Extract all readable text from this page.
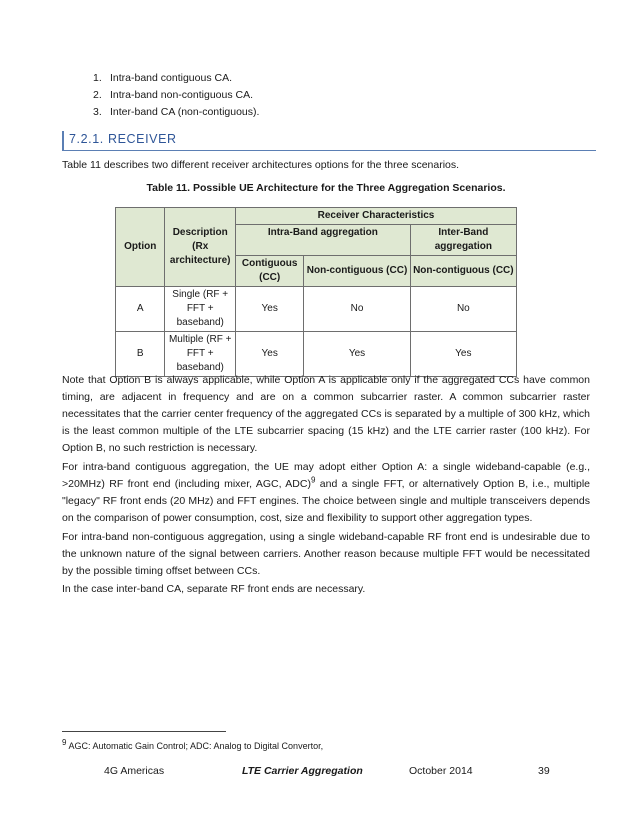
1. Intra-band contiguous CA.
2. Intra-band non-contiguous CA.
3. Inter-band CA (non-contiguous).
7.2.1. RECEIVER
Table 11 describes two different receiver architectures options for the three scenarios.
Table 11. Possible UE Architecture for the Three Aggregation Scenarios.
Option	Description (Rx architecture)	Receiver Characteristics		
		Intra-Band aggregation		Inter-Band aggregation
		Contiguous (CC)	Non-contiguous (CC)	Non-contiguous (CC)
A	Single (RF + FFT + baseband)	Yes	No	No
B	Multiple (RF + FFT + baseband)	Yes	Yes	Yes
Note that Option B is always applicable, while Option A is applicable only if the aggregated CCs have common timing, are adjacent in frequency and are on a common subcarrier raster. A common subcarrier raster necessitates that the carrier center frequency of the aggregated CCs is separated by a multiple of 300 kHz, which is the least common multiple of the LTE subcarrier spacing (15 kHz) and the LTE carrier raster (100 kHz). For Option B, no such restriction is necessary.
For intra-band contiguous aggregation, the UE may adopt either Option A: a single wideband-capable (e.g., >20MHz) RF front end (including mixer, AGC, ADC)$^9$ and a single FFT, or alternatively Option B, i.e., multiple "legacy" RF front ends (20 MHz) and FFT engines. The choice between single and multiple transceivers depends on the comparison of power consumption, cost, size and flexibility to support other aggregation types.
For intra-band non-contiguous aggregation, using a single wideband-capable RF front end is undesirable due to the unknown nature of the signal between carriers. Another reason because multiple FFT would be necessitated by the possible timing offset between CCs.
In the case inter-band CA, separate RF front ends are necessary.
$^9$ AGC: Automatic Gain Control; ADC: Analog to Digital Convertor,
4G Americas	LTE Carrier Aggregation	October 2014	39
